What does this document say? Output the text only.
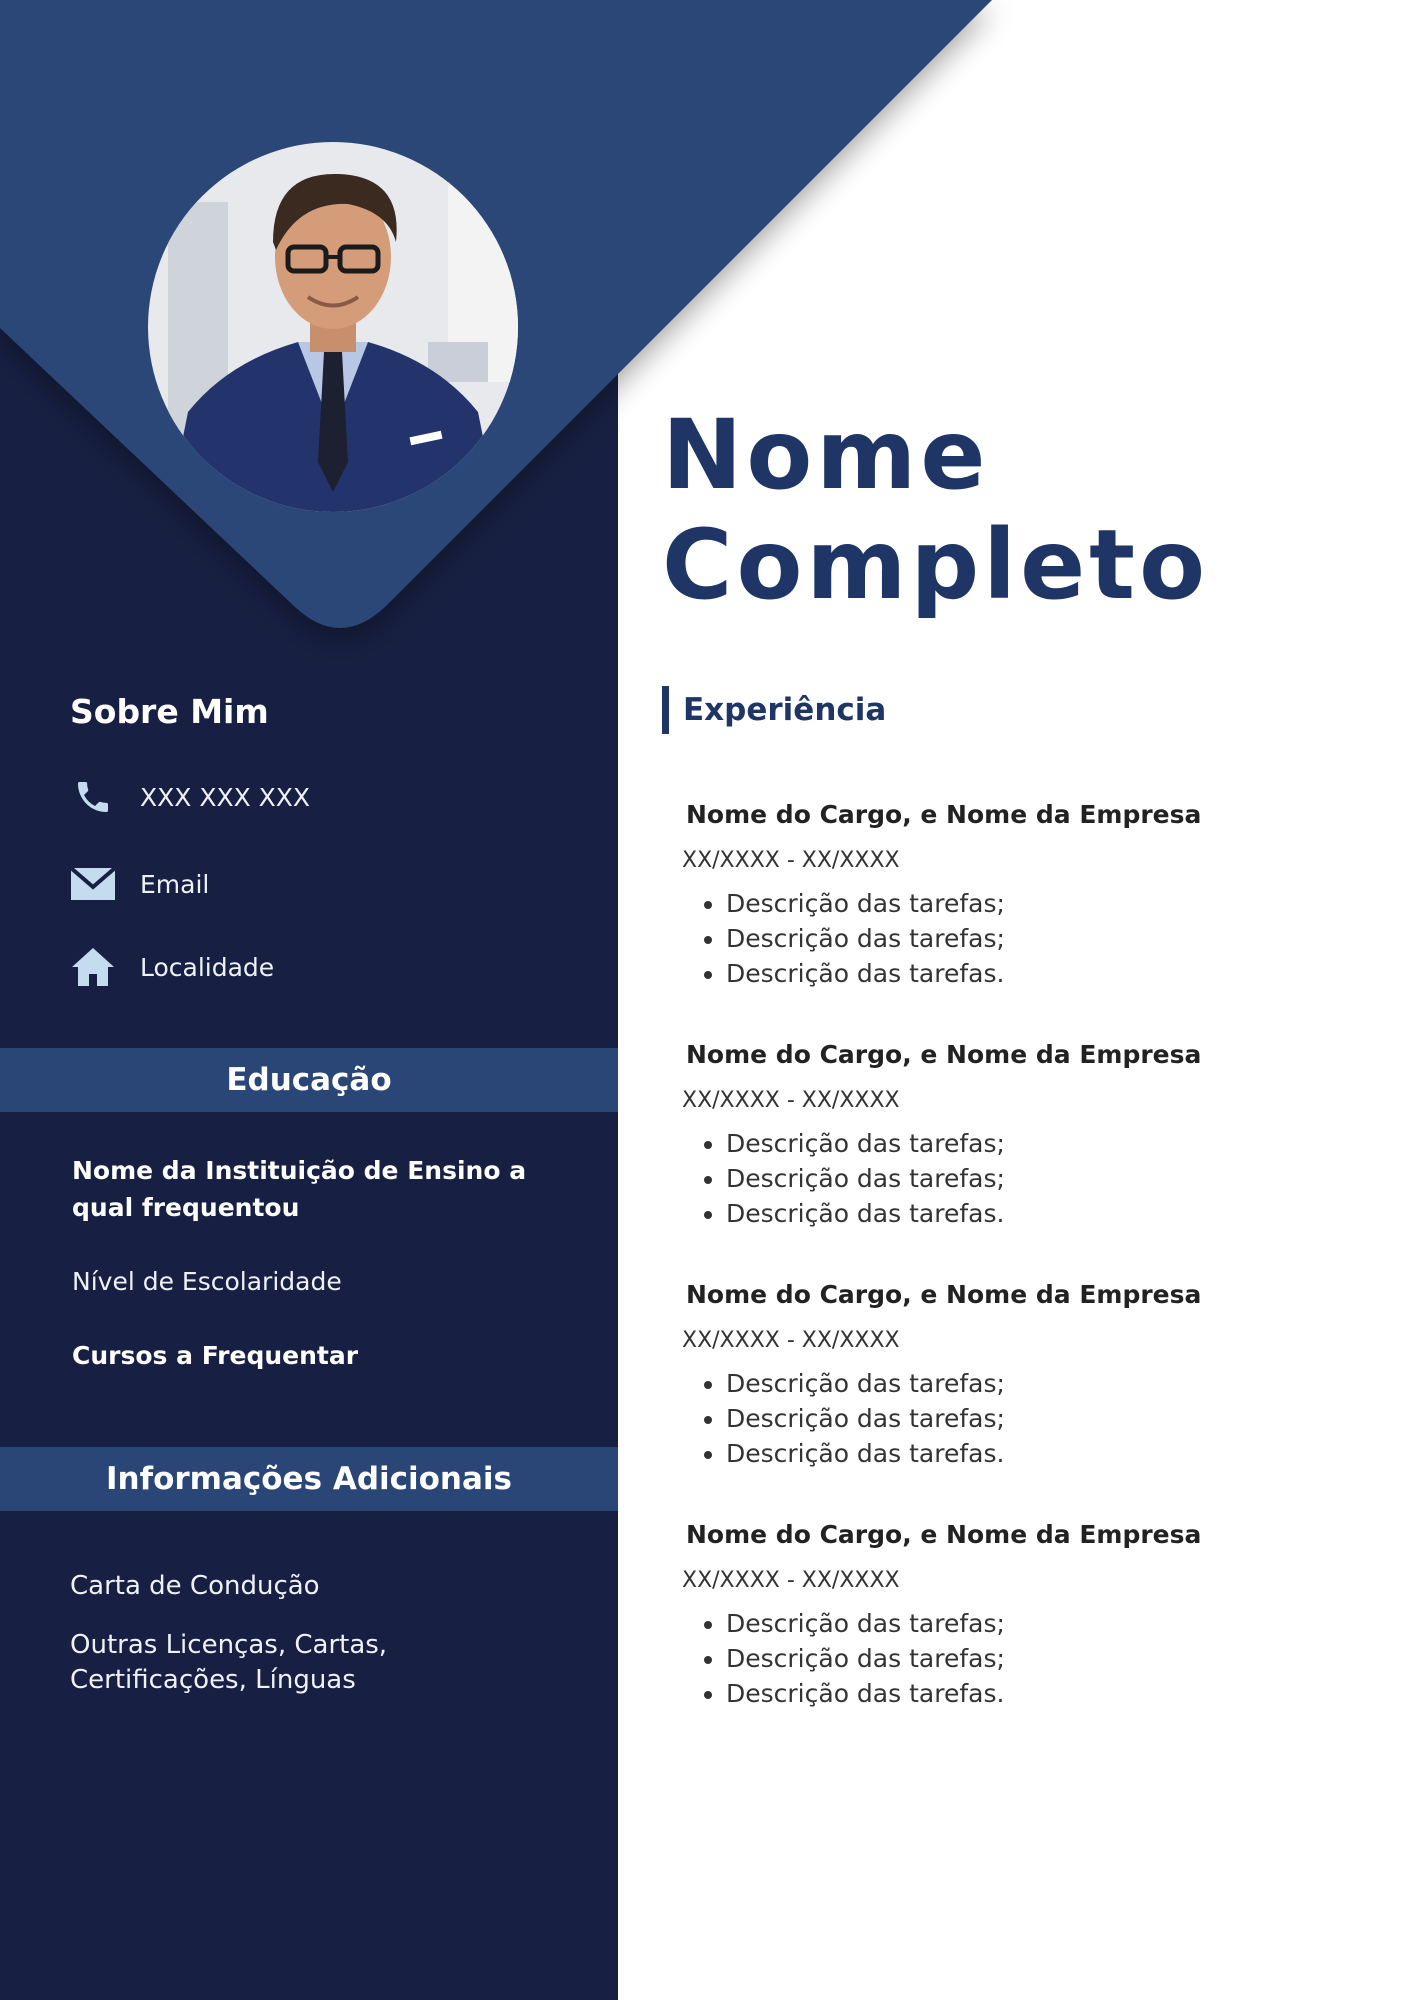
Nome
Completo
Experiência
Nome do Cargo, e Nome da Empresa
XX/XXXX - XX/XXXX
• Descrição das tarefas;
• Descrição das tarefas;
• Descrição das tarefas.
Nome do Cargo, e Nome da Empresa
XX/XXXX - XX/XXXX
• Descrição das tarefas;
• Descrição das tarefas;
• Descrição das tarefas.
Nome do Cargo, e Nome da Empresa
XX/XXXX - XX/XXXX
• Descrição das tarefas;
• Descrição das tarefas;
• Descrição das tarefas.
Nome do Cargo, e Nome da Empresa
XX/XXXX - XX/XXXX
• Descrição das tarefas;
• Descrição das tarefas;
• Descrição das tarefas.
Sobre Mim
XXX XXX XXX
Email
Localidade
Educação
Nome da Instituição de Ensino a qual frequentou
Nível de Escolaridade
Cursos a Frequentar
Informações Adicionais
Carta de Condução
Outras Licenças, Cartas, Certificações, Línguas
